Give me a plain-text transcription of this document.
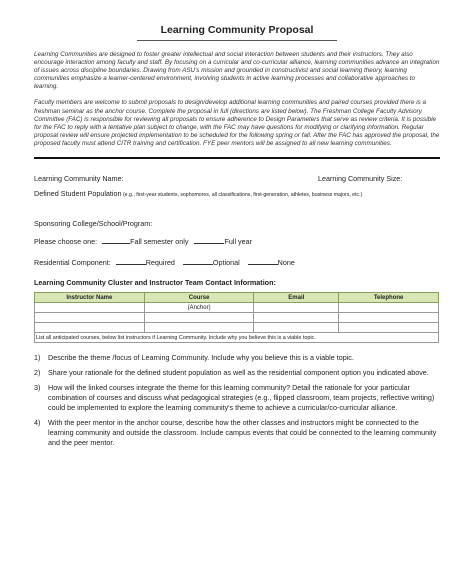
Learning Community Proposal

Learning Communities are designed to foster greater intellectual and social interaction between students and their instructors. They also encourage interaction among faculty and staff. By focusing on a curricular and co-curricular alliance, learning communities advance an integration of issues across discipline boundaries. Drawing from ASU's mission and grounded in constructivist and social learning theory, learning communities emphasize a learner-centered environment, involving students in active learning processes and collaborative approaches to learning.

Faculty members are welcome to submit proposals to design/develop additional learning communities and paired courses provided there is a freshman seminar as the anchor course. Complete the proposal in full (directions are listed below). The Freshman College Faculty Advisory Committee (FAC) is responsible for reviewing all proposals to ensure adherence to Design Parameters that serve as review criteria. It is possible for the FAC to reply with a tentative plan subject to change, with the FAC may have questions for modifying or clarifying information. Regular proposal review will ensure projected implementation to be scheduled for the following spring or fall. After the FAC has approved the proposal, the proposed faculty must attend CITR training and certification. FYE peer mentors will be assigned to all new learning communities.

Learning Community Name:	Learning Community Size:
Defined Student Population (e.g., first-year students, sophomores, all classifications, first-generation, athletes, business majors, etc.)
Sponsoring College/School/Program:
Please choose one:	Fall semester only	Full year
Residential Component:	Required	Optional	None
Learning Community Cluster and Instructor Team Contact Information:
Instructor Name	Course	Email	Telephone
	(Anchor)		

List all anticipated courses, below list instructors if Learning Community. Include why you believe this is a viable topic.			
1) Describe the theme /focus of Learning Community. Include why you believe this is a viable topic.
2) Share your rationale for the defined student population as well as the residential component option you indicated above.
3) How will the linked courses integrate the theme for this learning community? Detail the rationale for your particular combination of courses and discuss what pedagogical strategies (e.g., flipped classroom, team projects, reflective writing) could be implemented to explore the learning community's theme to achieve a curricular/co-curricular alliance.
4) With the peer mentor in the anchor course, describe how the other classes and instructors might be connected to the learning community and outside the classroom. Include campus events that could be connected to the learning community and the peer mentor.
